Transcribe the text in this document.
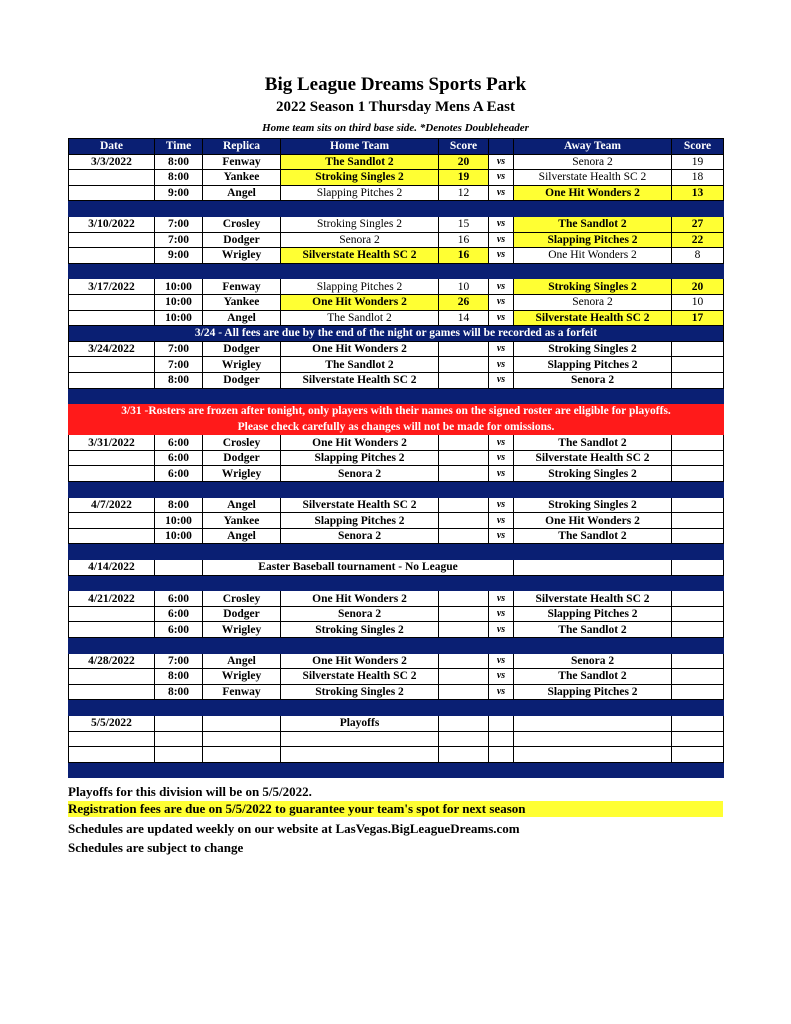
Big League Dreams Sports Park
2022 Season 1 Thursday Mens A East
Home team sits on third base side. *Denotes Doubleheader
Date	Time	Replica	Home Team	Score		Away Team	Score
3/3/2022	8:00	Fenway	The Sandlot 2	20	vs	Senora 2	19
	8:00	Yankee	Stroking Singles 2	19	vs	Silverstate Health SC 2	18
	9:00	Angel	Slapping Pitches 2	12	vs	One Hit Wonders 2	13

3/10/2022	7:00	Crosley	Stroking Singles 2	15	vs	The Sandlot 2	27
	7:00	Dodger	Senora 2	16	vs	Slapping Pitches 2	22
	9:00	Wrigley	Silverstate Health SC 2	16	vs	One Hit Wonders 2	8

3/17/2022	10:00	Fenway	Slapping Pitches 2	10	vs	Stroking Singles 2	20
	10:00	Yankee	One Hit Wonders 2	26	vs	Senora 2	10
	10:00	Angel	The Sandlot 2	14	vs	Silverstate Health SC 2	17
3/24 - All fees are due by the end of the night or games will be recorded as a forfeit							
3/24/2022	7:00	Dodger	One Hit Wonders 2		vs	Stroking Singles 2	
	7:00	Wrigley	The Sandlot 2		vs	Slapping Pitches 2	
	8:00	Dodger	Silverstate Health SC 2		vs	Senora 2	

3/31 -Rosters are frozen after tonight, only players with their names on the signed roster are eligible for playoffs.							
Please check carefully as changes will not be made for omissions.							
3/31/2022	6:00	Crosley	One Hit Wonders 2		vs	The Sandlot 2	
	6:00	Dodger	Slapping Pitches 2		vs	Silverstate Health SC 2	
	6:00	Wrigley	Senora 2		vs	Stroking Singles 2	

4/7/2022	8:00	Angel	Silverstate Health SC 2		vs	Stroking Singles 2	
	10:00	Yankee	Slapping Pitches 2		vs	One Hit Wonders 2	
	10:00	Angel	Senora 2		vs	The Sandlot 2	

4/14/2022		Easter Baseball tournament - No League					

4/21/2022	6:00	Crosley	One Hit Wonders 2		vs	Silverstate Health SC 2	
	6:00	Dodger	Senora 2		vs	Slapping Pitches 2	
	6:00	Wrigley	Stroking Singles 2		vs	The Sandlot 2	

4/28/2022	7:00	Angel	One Hit Wonders 2		vs	Senora 2	
	8:00	Wrigley	Silverstate Health SC 2		vs	The Sandlot 2	
	8:00	Fenway	Stroking Singles 2		vs	Slapping Pitches 2	

5/5/2022			Playoffs				

Playoffs for this division will be on 5/5/2022.
Registration fees are due on 5/5/2022 to guarantee your team's spot for next season
Schedules are updated weekly on our website at LasVegas.BigLeagueDreams.com
Schedules are subject to change
